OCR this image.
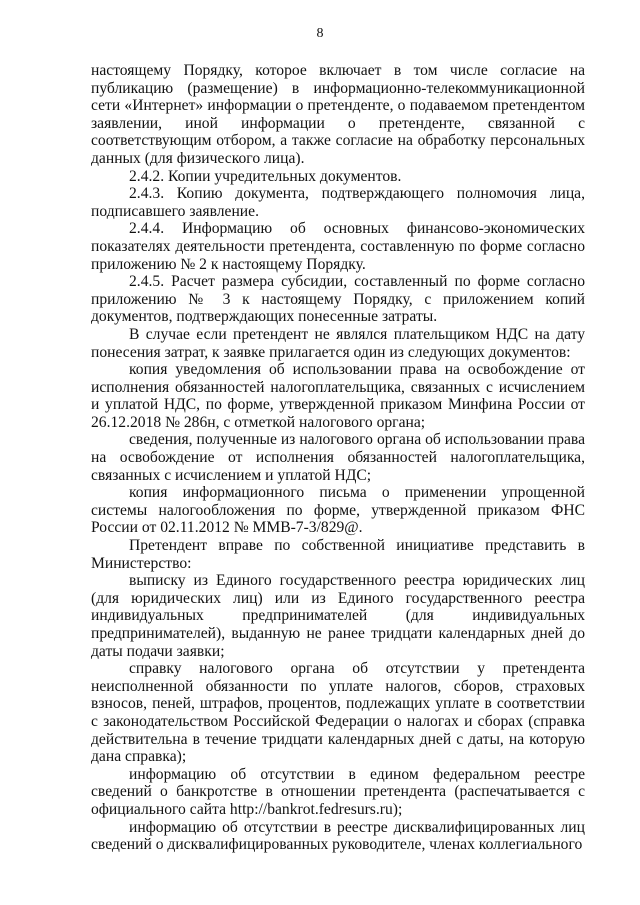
8

настоящему Порядку, которое включает в том числе согласие на публикацию (размещение) в информационно-телекоммуникационной сети «Интернет» информации о претенденте, о подаваемом претендентом заявлении, иной информации о претенденте, связанной с соответствующим отбором, а также согласие на обработку персональных данных (для физического лица).

2.4.2. Копии учредительных документов.

2.4.3. Копию документа, подтверждающего полномочия лица, подписавшего заявление.

2.4.4. Информацию об основных финансово-экономических показателях деятельности претендента, составленную по форме согласно приложению № 2 к настоящему Порядку.

2.4.5. Расчет размера субсидии, составленный по форме согласно приложению № 3 к настоящему Порядку, с приложением копий документов, подтверждающих понесенные затраты.

В случае если претендент не являлся плательщиком НДС на дату понесения затрат, к заявке прилагается один из следующих документов:

копия уведомления об использовании права на освобождение от исполнения обязанностей налогоплательщика, связанных с исчислением и уплатой НДС, по форме, утвержденной приказом Минфина России от 26.12.2018 № 286н, с отметкой налогового органа;

сведения, полученные из налогового органа об использовании права на освобождение от исполнения обязанностей налогоплательщика, связанных с исчислением и уплатой НДС;

копия информационного письма о применении упрощенной системы налогообложения по форме, утвержденной приказом ФНС России от 02.11.2012 № ММВ-7-3/829@.

Претендент вправе по собственной инициативе представить в Министерство:

выписку из Единого государственного реестра юридических лиц (для юридических лиц) или из Единого государственного реестра индивидуальных предпринимателей (для индивидуальных предпринимателей), выданную не ранее тридцати календарных дней до даты подачи заявки;

справку налогового органа об отсутствии у претендента неисполненной обязанности по уплате налогов, сборов, страховых взносов, пеней, штрафов, процентов, подлежащих уплате в соответствии с законодательством Российской Федерации о налогах и сборах (справка действительна в течение тридцати календарных дней с даты, на которую дана справка);

информацию об отсутствии в едином федеральном реестре сведений о банкротстве в отношении претендента (распечатывается с официального сайта http://bankrot.fedresurs.ru);

информацию об отсутствии в реестре дисквалифицированных лиц сведений о дисквалифицированных руководителе, членах коллегиального
